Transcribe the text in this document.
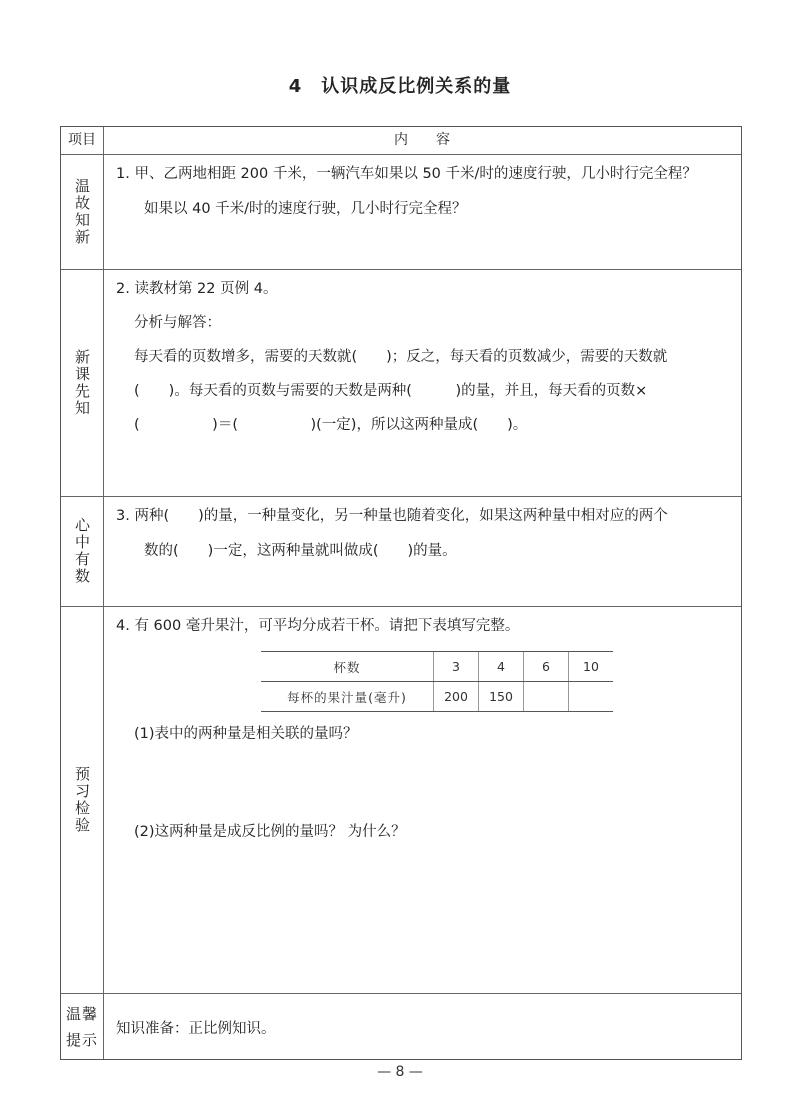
4　认识成反比例关系的量
项目	内　　容
温故知新
1. 甲、乙两地相距 200 千米，一辆汽车如果以 50 千米/时的速度行驶，几小时行完全程？
如果以 40 千米/时的速度行驶，几小时行完全程？
新课先知
2. 读教材第 22 页例 4。
分析与解答：
每天看的页数增多，需要的天数就(　　)；反之，每天看的页数减少，需要的天数就
(　　)。每天看的页数与需要的天数是两种(　　　)的量，并且，每天看的页数×
(　　　　　)＝(　　　　　)(一定)，所以这两种量成(　　)。
心中有数
3. 两种(　　)的量，一种量变化，另一种量也随着变化，如果这两种量中相对应的两个
数的(　　)一定，这两种量就叫做成(　　)的量。
预习检验
4. 有 600 毫升果汁，可平均分成若干杯。请把下表填写完整。
(1)表中的两种量是相关联的量吗？
(2)这两种量是成反比例的量吗？ 为什么？
杯数	3	4	6	10
每杯的果汁量(毫升)	200	150		
温馨
提示
知识准备：正比例知识。
— 8 —
